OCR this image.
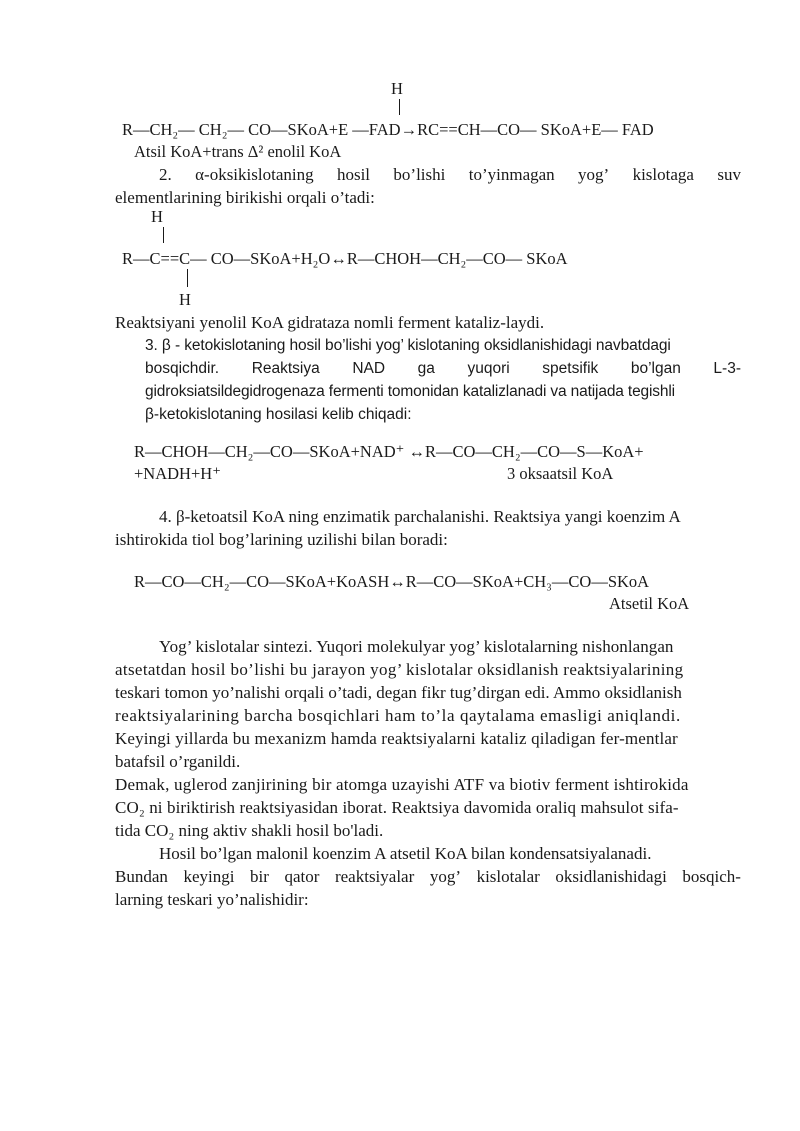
H
R—CH₂— CH₂— CO—SKoA+E —FAD→RC==CH—CO— SKoA+E— FAD
Atsil KoA+trans Δ² enolil KoA
2. α-oksikislotaning hosil bo’lishi to’yinmagan yog’ kislotaga suv
elementlarining birikishi orqali o’tadi:
H
R—C==C— CO—SKoA+H₂O↔R—CHOH—CH₂—CO— SKoA
H
Reaktsiyani yenolil KoA gidrataza nomli ferment kataliz-laydi.
3. β - ketokislotaning hosil bo’lishi yog’ kislotaning oksidlanishidagi navbatdagi
bosqichdir. Reaktsiya NAD ga yuqori spetsifik bo’lgan L-3-
gidroksiatsildegidrogenaza fermenti tomonidan katalizlanadi va natijada tegishli
β-ketokislotaning hosilasi kelib chiqadi:
R—CHOH—CH₂—CO—SKoA+NAD⁺ ↔R—CO—CH₂—CO—S—KoA+
+NADH+H⁺	3 oksaatsil KoA
4. β-ketoatsil KoA ning enzimatik parchalanishi. Reaktsiya yangi koenzim A
ishtirokida tiol bog’larining uzilishi bilan boradi:
R—CO—CH₂—CO—SKoA+KoASH↔R—CO—SKoA+CH₃—CO—SKoA
Atsetil KoA
Yog’ kislotalar sintezi. Yuqori molekulyar yog’ kislotalarning nishonlangan
atsetatdan hosil bo’lishi bu jarayon yog’ kislotalar oksidlanish reaktsiyalarining
teskari tomon yo’nalishi orqali o’tadi, degan fikr tug’dirgan edi. Ammo oksidlanish
reaktsiyalarining barcha bosqichlari ham to’la qaytalama emasligi aniqlandi.
Keyingi yillarda bu mexanizm hamda reaktsiyalarni kataliz qiladigan fer-mentlar
batafsil o’rganildi.
Demak, uglerod zanjirining bir atomga uzayishi ATF va biotiv ferment ishtirokida
CO₂ ni biriktirish reaktsiyasidan iborat. Reaktsiya davomida oraliq mahsulot sifa-
tida CO₂ ning aktiv shakli hosil bo'ladi.
Hosil bo’lgan malonil koenzim A atsetil KoA bilan kondensatsiyalanadi.
Bundan keyingi bir qator reaktsiyalar yog’ kislotalar oksidlanishidagi bosqich-
larning teskari yo’nalishidir:
